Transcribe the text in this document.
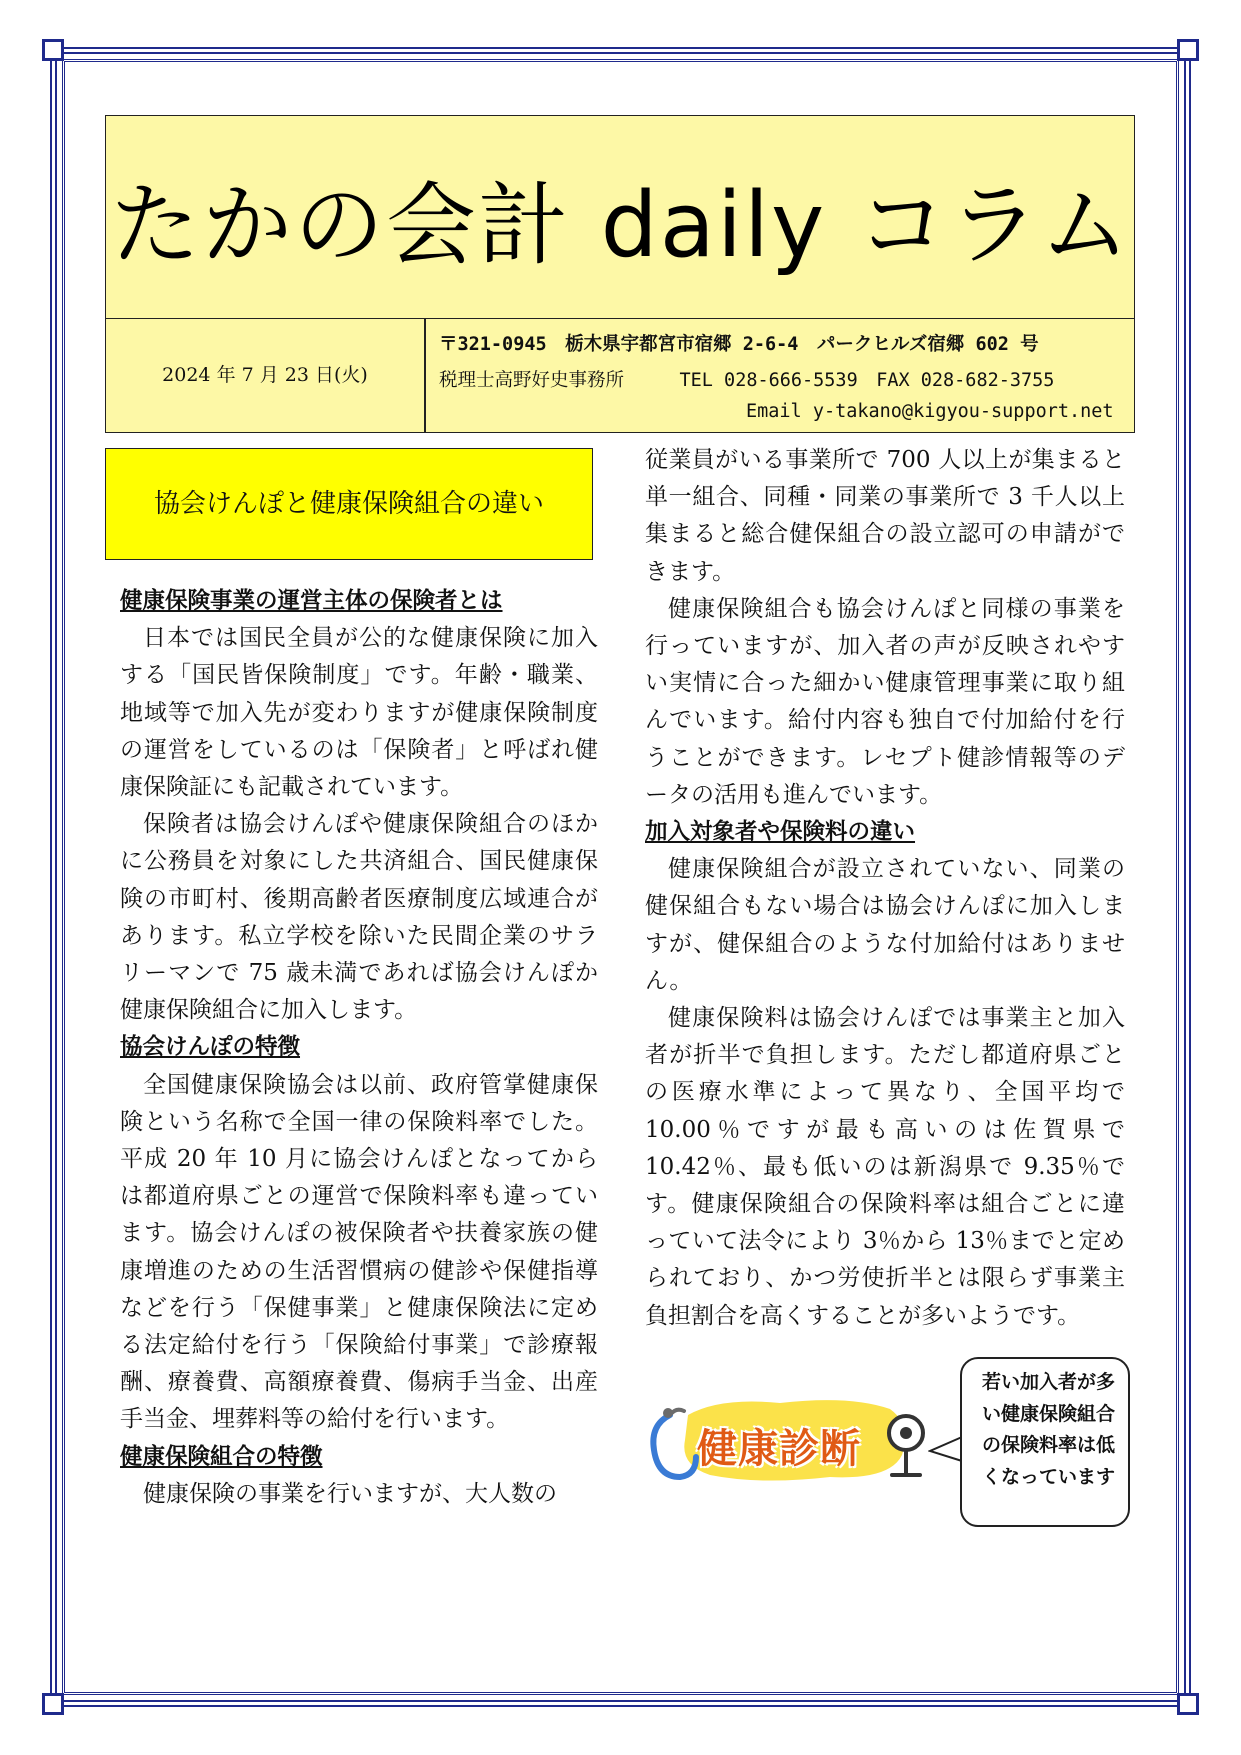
たかの会計 daily コラム
2024 年 7 月 23 日(火)
〒321-0945　栃木県宇都宮市宿郷 2-6-4　パークヒルズ宿郷 602 号
税理士高野好史事務所　　　TEL 028-666-5539　FAX 028-682-3755
Email y-takano@kigyou-support.net
協会けんぽと健康保険組合の違い
健康保険事業の運営主体の保険者とは

日本では国民全員が公的な健康保険に加入する「国民皆保険制度」です。年齢・職業、地域等で加入先が変わりますが健康保険制度の運営をしているのは「保険者」と呼ばれ健康保険証にも記載されています。

保険者は協会けんぽや健康保険組合のほかに公務員を対象にした共済組合、国民健康保険の市町村、後期高齢者医療制度広域連合があります。私立学校を除いた民間企業のサラリーマンで 75 歳未満であれば協会けんぽか健康保険組合に加入します。

協会けんぽの特徴

全国健康保険協会は以前、政府管掌健康保険という名称で全国一律の保険料率でした。平成 20 年 10 月に協会けんぽとなってからは都道府県ごとの運営で保険料率も違っています。協会けんぽの被保険者や扶養家族の健康増進のための生活習慣病の健診や保健指導などを行う「保健事業」と健康保険法に定める法定給付を行う「保険給付事業」で診療報酬、療養費、高額療養費、傷病手当金、出産手当金、埋葬料等の給付を行います。

健康保険組合の特徴

健康保険の事業を行いますが、大人数の

従業員がいる事業所で 700 人以上が集まると単一組合、同種・同業の事業所で 3 千人以上集まると総合健保組合の設立認可の申請ができます。

健康保険組合も協会けんぽと同様の事業を行っていますが、加入者の声が反映されやすい実情に合った細かい健康管理事業に取り組んでいます。給付内容も独自で付加給付を行うことができます。レセプト健診情報等のデータの活用も進んでいます。

加入対象者や保険料の違い

健康保険組合が設立されていない、同業の健保組合もない場合は協会けんぽに加入しますが、健保組合のような付加給付はありません。

健康保険料は協会けんぽでは事業主と加入者が折半で負担します。ただし都道府県ごとの医療水準によって異なり、全国平均で 10.00％ですが最も高いのは佐賀県で 10.42％、最も低いのは新潟県で 9.35％です。健康保険組合の保険料率は組合ごとに違っていて法令により 3％から 13％までと定められており、かつ労使折半とは限らず事業主負担割合を高くすることが多いようです。

健康診断
若い加入者が多い健康保険組合の保険料率は低くなっています
